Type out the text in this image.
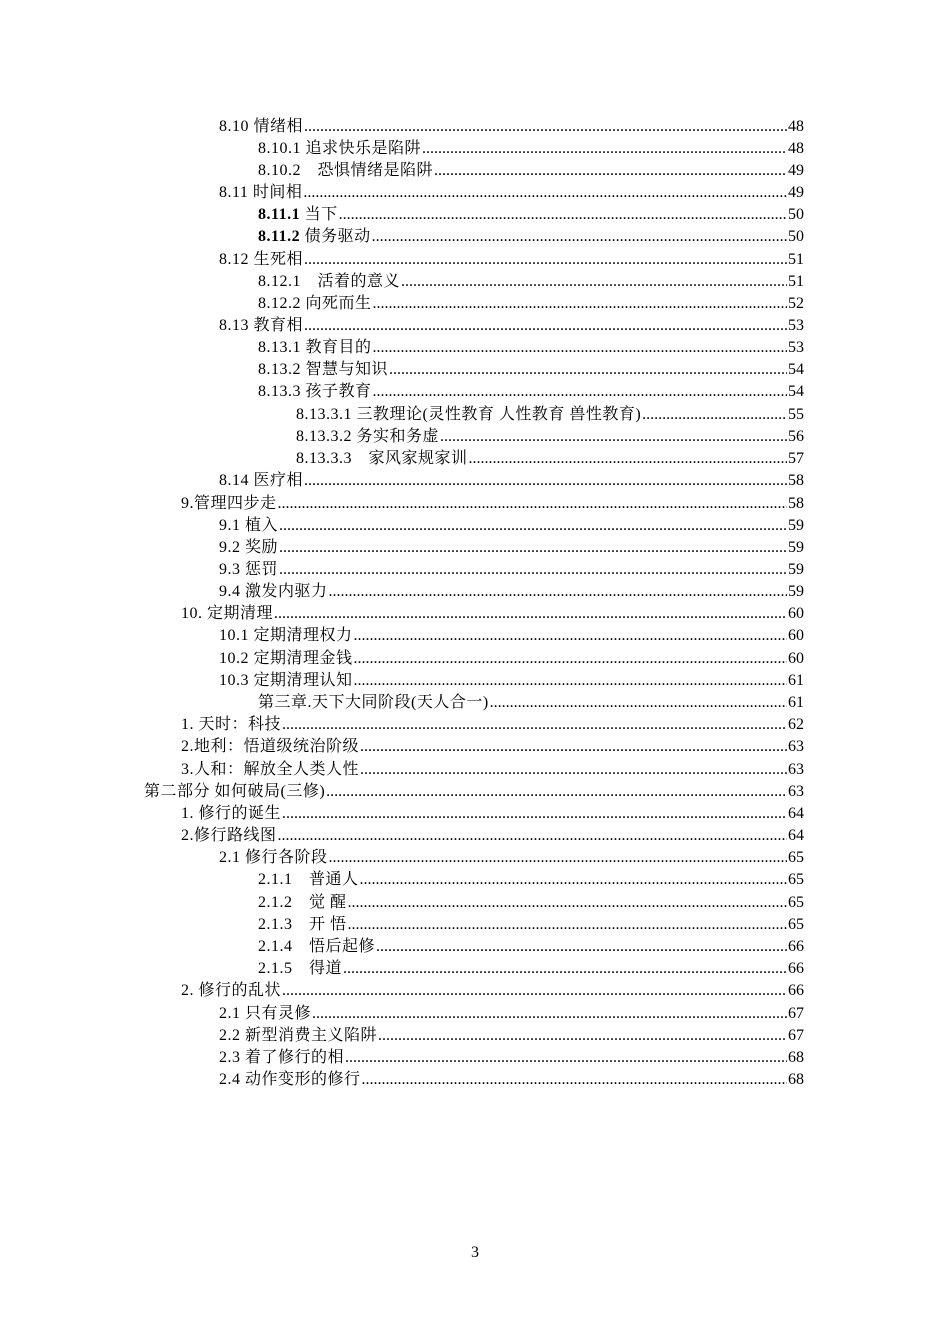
8.10 情绪相 .....	48
8.10.1 追求快乐是陷阱 .....	48
8.10.2　恐惧情绪是陷阱 .....	49
8.11 时间相 .....	49
8.11.1 当下 .....	50
8.11.2 债务驱动 .....	50
8.12 生死相 .....	51
8.12.1　活着的意义 .....	51
8.12.2 向死而生 .....	52
8.13 教育相 .....	53
8.13.1 教育目的 .....	53
8.13.2 智慧与知识 .....	54
8.13.3 孩子教育 .....	54
8.13.3.1 三教理论(灵性教育 人性教育 兽性教育) .....	55
8.13.3.2 务实和务虚 .....	56
8.13.3.3　家风家规家训 .....	57
8.14 医疗相 .....	58
9.管理四步走 .....	58
9.1 植入 .....	59
9.2 奖励 .....	59
9.3 惩罚 .....	59
9.4 激发内驱力 .....	59
10. 定期清理 .....	60
10.1 定期清理权力 .....	60
10.2 定期清理金钱 .....	60
10.3 定期清理认知 .....	61
第三章.天下大同阶段(天人合一) .....	61
1. 天时：科技 .....	62
2.地利：悟道级统治阶级 .....	63
3.人和：解放全人类人性 .....	63
第二部分 如何破局(三修) .....	63
1. 修行的诞生 .....	64
2.修行路线图 .....	64
2.1 修行各阶段 .....	65
2.1.1　普通人 .....	65
2.1.2　觉 醒 .....	65
2.1.3　开 悟 .....	65
2.1.4　悟后起修 .....	66
2.1.5　得道 .....	66
2. 修行的乱状 .....	66
2.1 只有灵修 .....	67
2.2 新型消费主义陷阱 .....	67
2.3 着了修行的相 .....	68
2.4 动作变形的修行 .....	68
3
